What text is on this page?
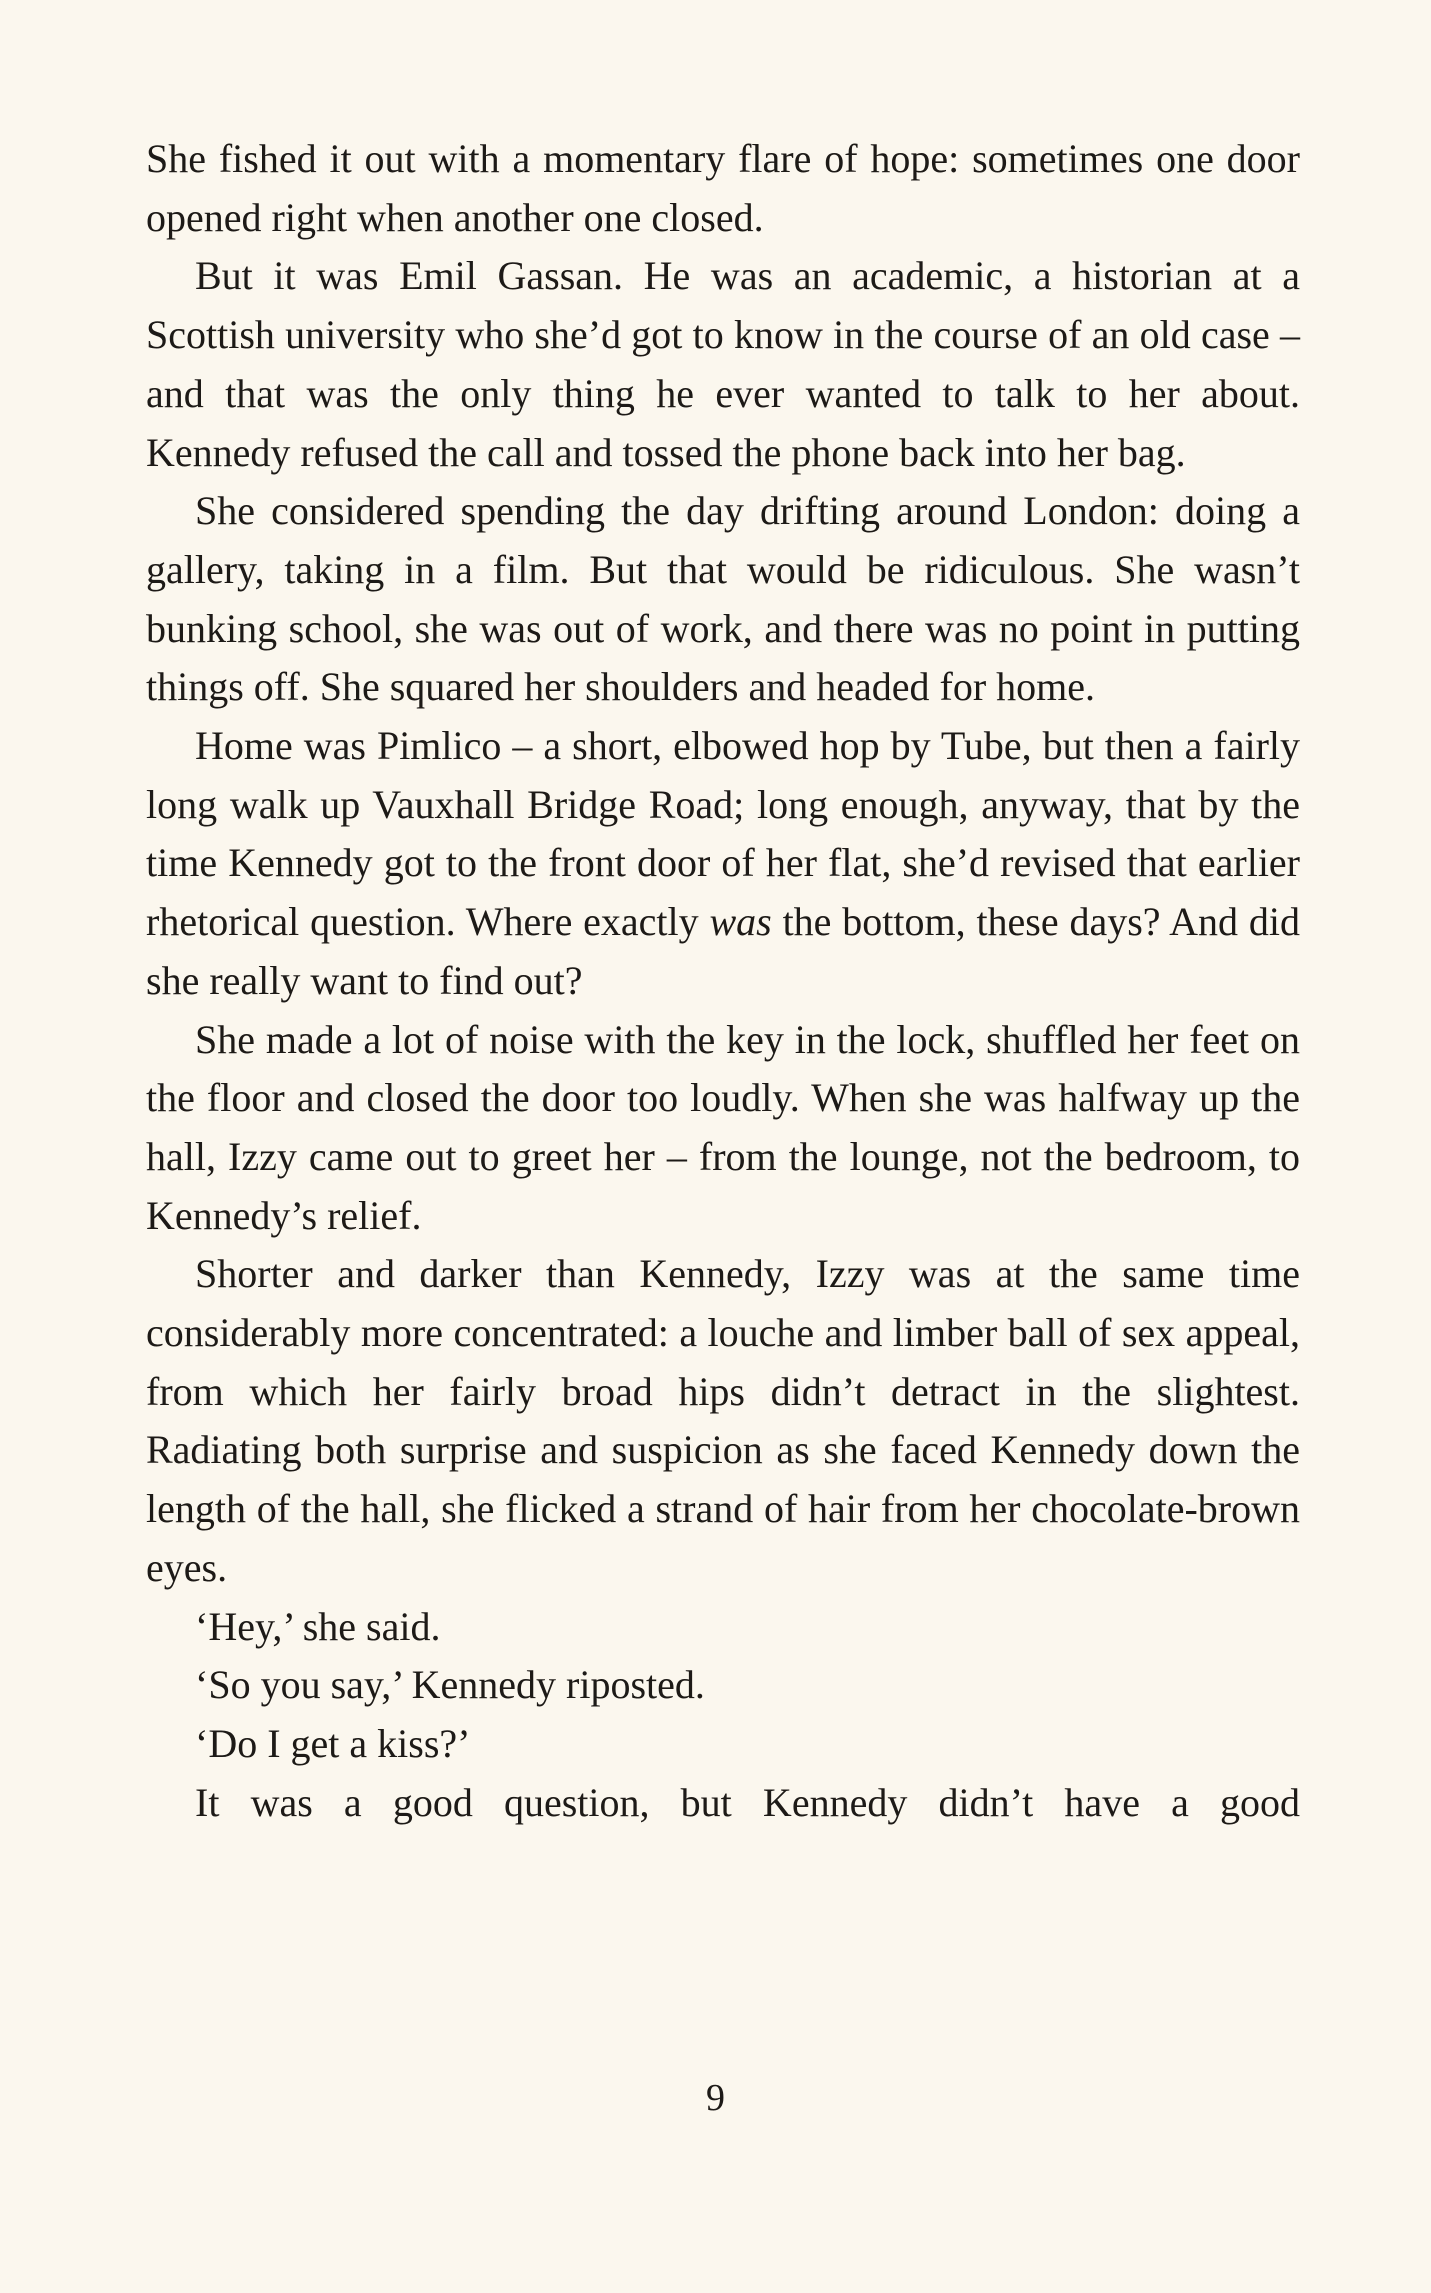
She fished it out with a momentary flare of hope: sometimes one door opened right when another one closed.

But it was Emil Gassan. He was an academic, a historian at a Scottish university who she’d got to know in the course of an old case – and that was the only thing he ever wanted to talk to her about. Kennedy refused the call and tossed the phone back into her bag.

She considered spending the day drifting around London: doing a gallery, taking in a film. But that would be ridiculous. She wasn’t bunking school, she was out of work, and there was no point in putting things off. She squared her shoulders and headed for home.

Home was Pimlico – a short, elbowed hop by Tube, but then a fairly long walk up Vauxhall Bridge Road; long enough, anyway, that by the time Kennedy got to the front door of her flat, she’d revised that earlier rhetorical question. Where exactly was the bottom, these days? And did she really want to find out?

She made a lot of noise with the key in the lock, shuffled her feet on the floor and closed the door too loudly. When she was halfway up the hall, Izzy came out to greet her – from the lounge, not the bedroom, to Kennedy’s relief.

Shorter and darker than Kennedy, Izzy was at the same time considerably more concentrated: a louche and limber ball of sex appeal, from which her fairly broad hips didn’t detract in the slightest. Radiating both surprise and suspicion as she faced Kennedy down the length of the hall, she flicked a strand of hair from her chocolate-brown eyes.

‘Hey,’ she said.

‘So you say,’ Kennedy riposted.

‘Do I get a kiss?’

It was a good question, but Kennedy didn’t have a good

9
